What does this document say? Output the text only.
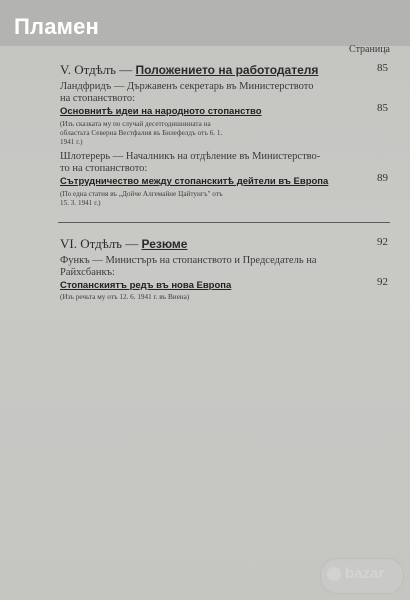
Пламен
Страница
V. Отдѣлъ — Положението на работодателя	85
Ландфридъ — Държавенъ секретарь въ Министерството
на стопанството:
Основнитѣ идеи на народното стопанство	85
(Изъ сказката му по случай десетгодишнината на
областьта Северна Вестфалия въ Билефелдъ отъ 6. 1.
1941 г.)
Шлотерерь — Началникъ на отдѣление въ Министерство-
то на стопанството:
Сътрудничество между стопанскитѣ дейтели въ Европа	89
(По една статия въ „Дойче Алгемайне Цайтунгъ" отъ
15. 3. 1941 г.)
VI. Отдѣлъ — Резюме	92
Функъ — Министъръ на стопанството и Председатель на
Райхсбанкъ:
Стопанскиятъ редъ въ нова Европа	92
(Изъ речьта му отъ 12. 6. 1941 г. въ Виена)
bazar
